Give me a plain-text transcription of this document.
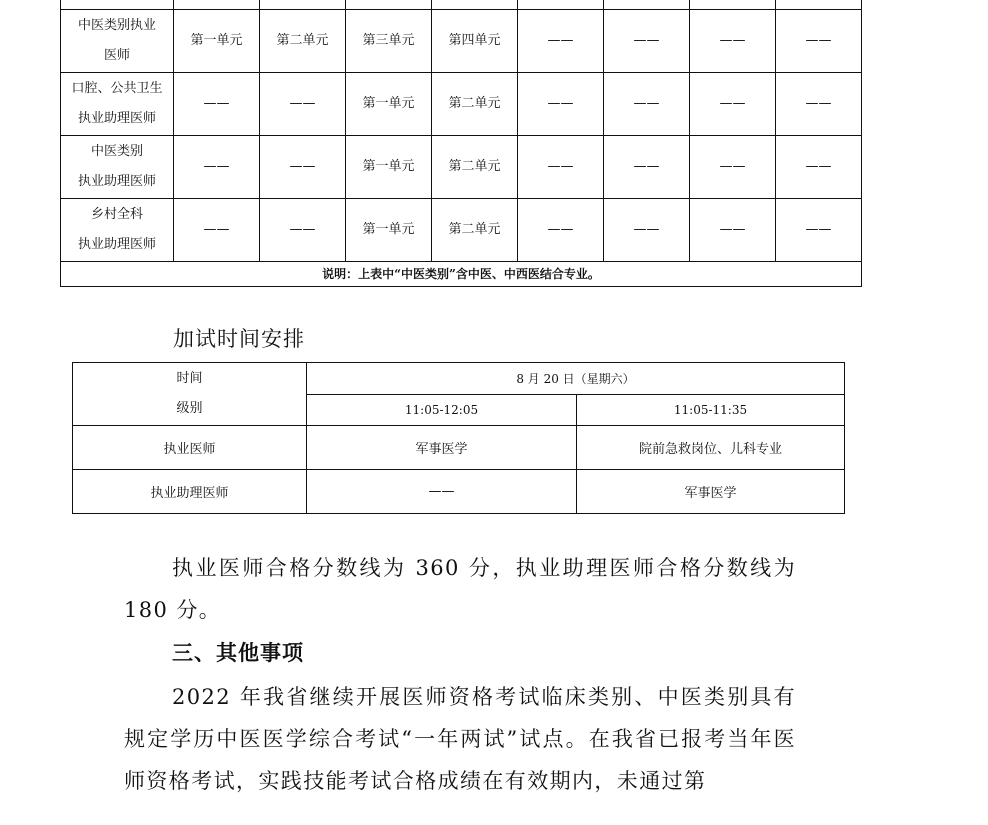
中医类别执业
医师	第一单元	第二单元	第三单元	第四单元	——	——	——	——

口腔、公共卫生
执业助理医师	——	——	第一单元	第二单元	——	——	——	——

中医类别
执业助理医师	——	——	第一单元	第二单元	——	——	——	——

乡村全科
执业助理医师	——	——	第一单元	第二单元	——	——	——	——
说明：上表中“中医类别”含中医、中西医结合专业。								
加试时间安排
时间
级别	8 月 20 日（星期六）	
	11:05-12:05	11:05-11:35
执业医师	军事医学	院前急救岗位、儿科专业
执业助理医师	——	军事医学

执业医师合格分数线为 360 分，执业助理医师合格分数线为 180 分。

三、其他事项

2022 年我省继续开展医师资格考试临床类别、中医类别具有规定学历中医医学综合考试“一年两试”试点。在我省已报考当年医师资格考试，实践技能考试合格成绩在有效期内，未通过第
